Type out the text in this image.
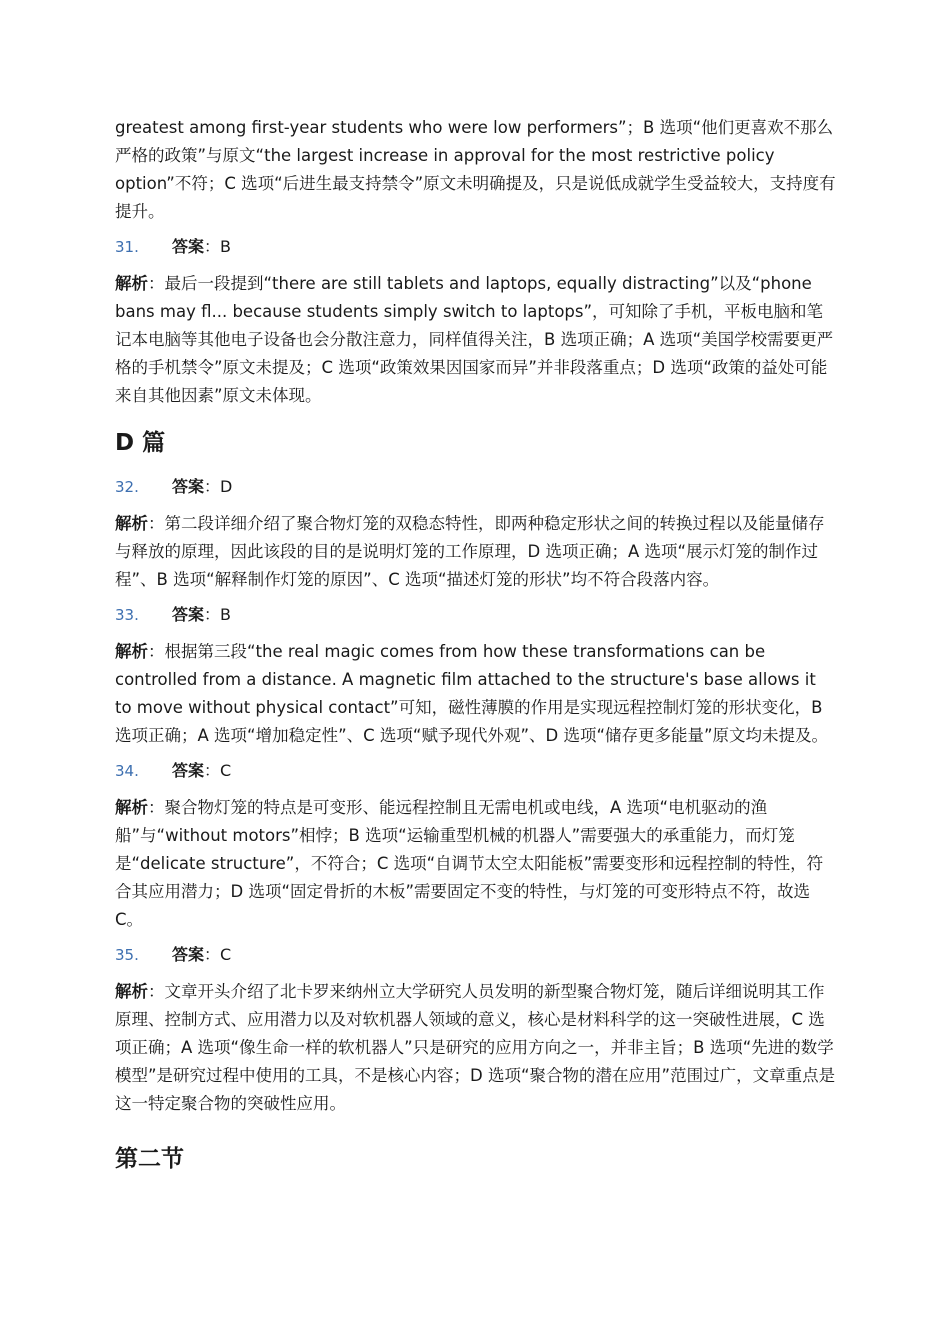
greatest among first-year students who were low performers”；B 选项“他们更喜欢不那么严格的政策”与原文“the largest increase in approval for the most restrictive policy option”不符；C 选项“后进生最支持禁令”原文未明确提及，只是说低成就学生受益较大，支持度有提升。

31.	答案 ： B

解析：最后一段提到“there are still tablets and laptops, equally distracting”以及“phone bans may fl... because students simply switch to laptops”，可知除了手机，平板电脑和笔记本电脑等其他电子设备也会分散注意力，同样值得关注，B 选项正确；A 选项“美国学校需要更严格的手机禁令”原文未提及；C 选项“政策效果因国家而异”并非段落重点；D 选项“政策的益处可能来自其他因素”原文未体现。

D 篇
32.	答案 ： D

解析：第二段详细介绍了聚合物灯笼的双稳态特性，即两种稳定形状之间的转换过程以及能量储存与释放的原理，因此该段的目的是说明灯笼的工作原理，D 选项正确；A 选项“展示灯笼的制作过程”、B 选项“解释制作灯笼的原因”、C 选项“描述灯笼的形状”均不符合段落内容。

33.	答案 ： B

解析：根据第三段“the real magic comes from how these transformations can be controlled from a distance. A magnetic film attached to the structure's base allows it to move without physical contact”可知，磁性薄膜的作用是实现远程控制灯笼的形状变化，B 选项正确；A 选项“增加稳定性”、C 选项“赋予现代外观”、D 选项“储存更多能量”原文均未提及。

34.	答案 ： C

解析：聚合物灯笼的特点是可变形、能远程控制且无需电机或电线，A 选项“电机驱动的渔船”与“without motors”相悖；B 选项“运输重型机械的机器人”需要强大的承重能力，而灯笼是“delicate structure”，不符合；C 选项“自调节太空太阳能板”需要变形和远程控制的特性，符合其应用潜力；D 选项“固定骨折的木板”需要固定不变的特性，与灯笼的可变形特点不符，故选 C。

35.	答案 ： C

解析：文章开头介绍了北卡罗来纳州立大学研究人员发明的新型聚合物灯笼，随后详细说明其工作原理、控制方式、应用潜力以及对软机器人领域的意义，核心是材料科学的这一突破性进展，C 选项正确；A 选项“像生命一样的软机器人”只是研究的应用方向之一，并非主旨；B 选项“先进的数学模型”是研究过程中使用的工具，不是核心内容；D 选项“聚合物的潜在应用”范围过广，文章重点是这一特定聚合物的突破性应用。

第二节
